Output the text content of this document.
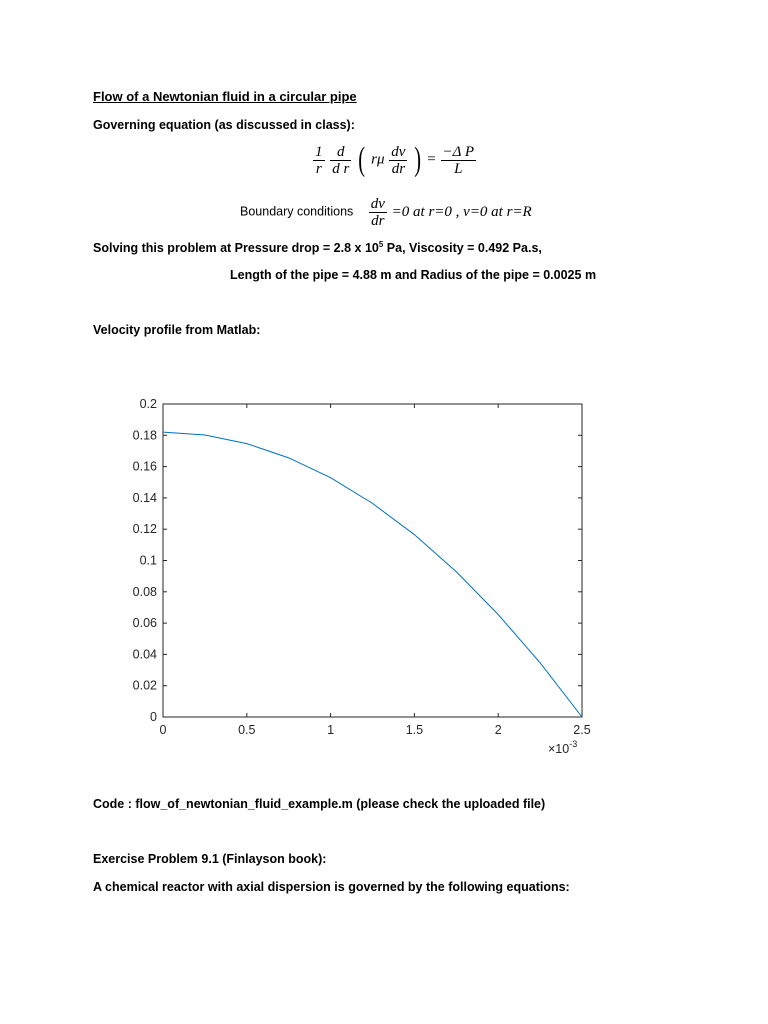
Flow of a Newtonian fluid in a circular pipe
Governing equation (as discussed in class):
$\frac{1}{r}$
$\frac{d}{\text{d r}}$ ( rμ $\frac{dv}{dr}$ ) = $\frac{\text{−Δ P}}{L}$
Boundary conditions $\frac{dv}{dr} =0$ at r=0 , v=0 at r=R
Solving this problem at Pressure drop = 2.8 x $10^5$ Pa, Viscosity = 0.492 Pa.s,
Length of the pipe = 4.88 m and Radius of the pipe = 0.0025 m
Velocity profile from Matlab:
0
0.02
0.04
0.06
0.08
0.1
0.12
0.14
0.16
0.18
0.2
0	0.5	1	1.5	2	2.5
$\times 10^{-3}$
Code : flow_of_newtonian_fluid_example.m (please check the uploaded file)
Exercise Problem 9.1 (Finlayson book):
A chemical reactor with axial dispersion is governed by the following equations:
